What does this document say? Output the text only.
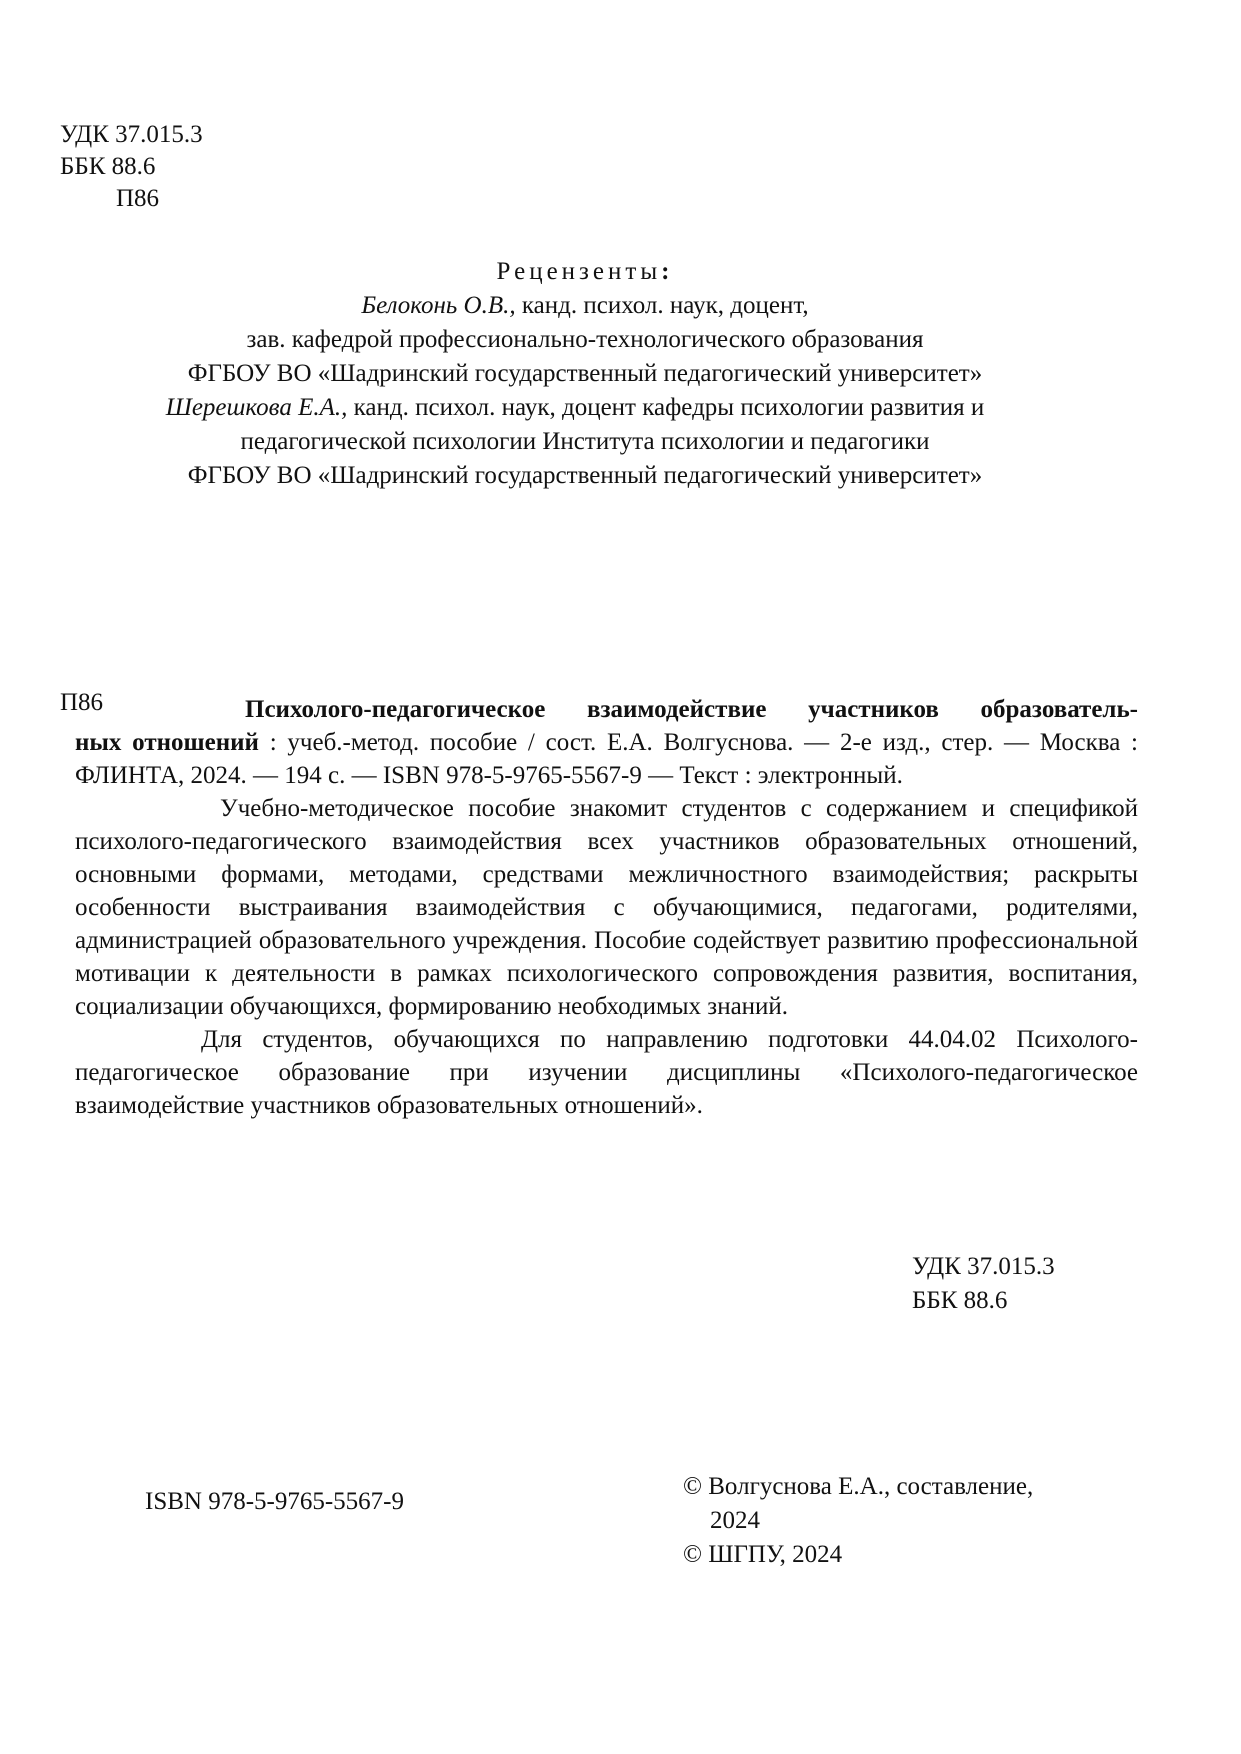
УДК 37.015.3
ББК 88.6
П86
Рецензенты:
Белоконь О.В., канд. психол. наук, доцент,
зав. кафедрой профессионально-технологического образования
ФГБОУ ВО «Шадринский государственный педагогический университет»
Шерешкова Е.А., канд. психол. наук, доцент кафедры психологии развития и
педагогической психологии Института психологии и педагогики
ФГБОУ ВО «Шадринский государственный педагогический университет»
П86	Психолого-педагогическое взаимодействие участников образователь-

ных отношений : учеб.-метод. пособие / сост. Е.А. Волгуснова. — 2-е изд., стер. — Москва : ФЛИНТА, 2024. — 194 с. — ISBN 978-5-9765-5567-9 — Текст : электронный.

Учебно-методическое пособие знакомит студентов с содержанием и спецификой психолого-педагогического взаимодействия всех участников образовательных отношений, основными формами, методами, средствами межличностного взаимодействия; раскрыты особенности выстраивания взаимодействия с обучающимися, педагогами, родителями, администрацией образовательного учреждения. Пособие содействует развитию профессиональной мотивации к деятельности в рамках психологического сопровождения развития, воспитания, социализации обучающихся, формированию необходимых знаний.

Для студентов, обучающихся по направлению подготовки 44.04.02 Психолого-педагогическое образование при изучении дисциплины «Психолого-педагогическое взаимодействие участников образовательных отношений».

УДК 37.015.3
ББК 88.6
ISBN 978-5-9765-5567-9
© Волгуснова Е.А., составление,
2024
© ШГПУ, 2024
